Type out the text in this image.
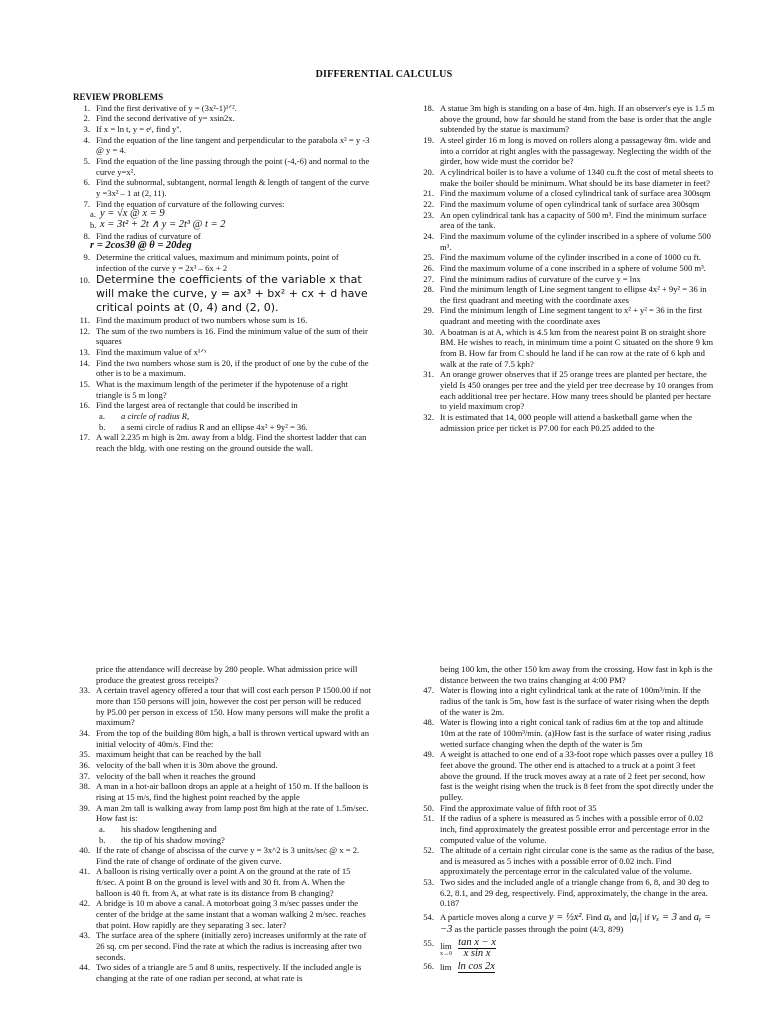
DIFFERENTIAL CALCULUS

REVIEW PROBLEMS

1. Find the first derivative of y = (3x²-1)¹ᐟ².
2. Find the second derivative of y= xsin2x.
3. If x = ln t, y = eᵗ, find y''.
4. Find the equation of the line tangent and perpendicular to the parabola x² = y -3 @ y = 4.
5. Find the equation of the line passing through the point (-4,-6) and normal to the curve y=x².
6. Find the subnormal, subtangent, normal length & length of tangent of the curve y =3x² – 1 at (2, 11).
7. Find the equation of curvature of the following curves:
a. y = √x @ x = 9
b. x = 3t² + 2t ∧ y = 2t³ @ t = 2
8. Find the radius of curvature of
r = 2cos3θ @ θ = 20deg
9. Determine the critical values, maximum and minimum points, point of infection of the curve y = 2x³ – 6x + 2
10. Determine the coefficients of the variable x that will make the curve, y = ax³ + bx² + cx + d have critical points at (0, 4) and (2, 0).
11. Find the maximum product of two numbers whose sum is 16.
12. The sum of the two numbers is 16. Find the minimum value of the sum of their squares
13. Find the maximum value of x¹ᐟˣ
14. Find the two numbers whose sum is 20, if the product of one by the cube of the other is to be a maximum.
15. What is the maximum length of the perimeter if the hypotenuse of a right triangle is 5 m long?
16. Find the largest area of rectangle that could be inscribed in
a.	a circle of radius R,
b.	a semi circle of radius R and an ellipse 4x² + 9y² = 36.
17. A wall 2.235 m high is 2m. away from a bldg. Find the shortest ladder that can reach the bldg. with one resting on the ground outside the wall.
18. A statue 3m high is standing on a base of 4m. high. If an observer's eye is 1.5 m above the ground, how far should he stand from the base is order that the angle subtended by the statue is maximum?
19. A steel girder 16 m long is moved on rollers along a passageway 8m. wide and into a corridor at right angles with the passageway. Neglecting the width of the girder, how wide must the corridor be?
20. A cylindrical boiler is to have a volume of 1340 cu.ft the cost of metal sheets to make the boiler should be minimum. What should be its base diameter in feet?
21. Find the maximum volume of a closed cylindrical tank of surface area 300sqm
22. Find the maximum volume of open cylindrical tank of surface area 300sqm
23. An open cylindrical tank has a capacity of 500 m³. Find the minimum surface area of the tank.
24. Find the maximum volume of the cylinder inscribed in a sphere of volume 500 m³.
25. Find the maximum volume of the cylinder inscribed in a cone of 1000 cu ft.
26. Find the maximum volume of a cone inscribed in a sphere of volume 500 m³.
27. Find the minimum radius of curvature of the curve y = lnx
28. Find the minimum length of Line segment tangent to ellipse 4x² + 9y² = 36 in the first quadrant and meeting with the coordinate axes
29. Find the minimum length of Line segment tangent to x² + y² = 36 in the first quadrant and meeting with the coordinate axes
30. A boatman is at A, which is 4.5 km from the nearest point B on straight shore BM. He wishes to reach, in minimum time a point C situated on the shore 9 km from B. How far from C should he land if he can row at the rate of 6 kph and walk at the rate of 7.5 kph?
31. An orange grower observes that if 25 orange trees are planted per hectare, the yield Is 450 oranges per tree and the yield per tree decrease by 10 oranges from each additional tree per hectare. How many trees should be planted per hectare to yield maximum crop?
32. It is estimated that 14, 000 people will attend a basketball game when the admission price per ticket is P7.00 for each P0.25 added to the
price the attendance will decrease by 280 people. What admission price will produce the greatest gross receipts?
33. A certain travel agency offered a tour that will cost each person P 1500.00 if not more than 150 persons will join, however the cost per person will be reduced by P5.00 per person in excess of 150. How many persons will make the profit a maximum?
34. From the top of the building 80m high, a ball is thrown vertical upward with an initial velocity of 40m/s. Find the:
35. maximum height that can be reached by the ball
36. velocity of the ball when it is 30m above the ground.
37. velocity of the ball when it reaches the ground
38. A man in a hot-air balloon drops an apple at a height of 150 m. If the balloon is rising at 15 m/s, find the highest point reached by the apple
39. A man 2m tall is walking away from lamp post 8m high at the rate of 1.5m/sec. How fast is:
a.	his shadow lengthening and
b.	the tip of his shadow moving?
40. If the rate of change of abscissa of the curve y = 3x^2 is 3 units/sec @ x = 2. Find the rate of change of ordinate of the given curve.
41. A balloon is rising vertically over a point A on the ground at the rate of 15 ft/sec. A point B on the ground is level with and 30 ft. from A. When the balloon is 40 ft. from A, at what rate is its distance from B changing?
42. A bridge is 10 m above a canal. A motorboat going 3 m/sec passes under the center of the bridge at the same instant that a woman walking 2 m/sec. reaches that point. How rapidly are they separating 3 sec. later?
43. The surface area of the sphere (initially zero) increases uniformly at the rate of 26 sq. cm per second. Find the rate at which the radius is increasing after two seconds.
44. Two sides of a triangle are 5 and 8 units, respectively. If the included angle is changing at the rate of one radian per second, at what rate is
being 100 km, the other 150 km away from the crossing. How fast in kph is the distance between the two trains changing at 4:00 PM?
47. Water is flowing into a right cylindrical tank at the rate of 100m³/min. If the radius of the tank is 5m, how fast is the surface of water rising when the depth of the water is 2m.
48. Water is flowing into a right conical tank of radius 6m at the top and altitude 10m at the rate of 100m³/min. (a)How fast is the surface of water rising ,radius wetted surface changing when the depth of the water is 5m
49. A weight is attached to one end of a 33-foot rope which passes over a pulley 18 feet above the ground. The other end is attached to a truck at a point 3 feet above the ground. If the truck moves away at a rate of 2 feet per second, how fast is the weight rising when the truck is 8 feet from the spot directly under the pulley.
50. Find the approximate value of fifth root of 35
51. If the radius of a sphere is measured as 5 inches with a possible error of 0.02 inch, find approximately the greatest possible error and percentage error in the computed value of the volume.
52. The altitude of a certain right circular cone is the same as the radius of the base, and is measured as 5 inches with a possible error of 0.02 inch. Find approximately the percentage error in the calculated value of the volume.
53. Two sides and the included angle of a triangle change from 6, 8, and 30 deg to 6.2, 8.1, and 29 deg, respectively. Find, approximately, the change in the area. 0.187
54. A particle moves along a curve y = ½x². Find aₓ and |aᵧ| if vₓ = 3 and aᵧ = −3 as the particle passes through the point (4/3, 8?9)
55. lim
x→0
$\frac{\text{tan x − x}}{\text{x sin x}}$
56. lim ln cos 2x
